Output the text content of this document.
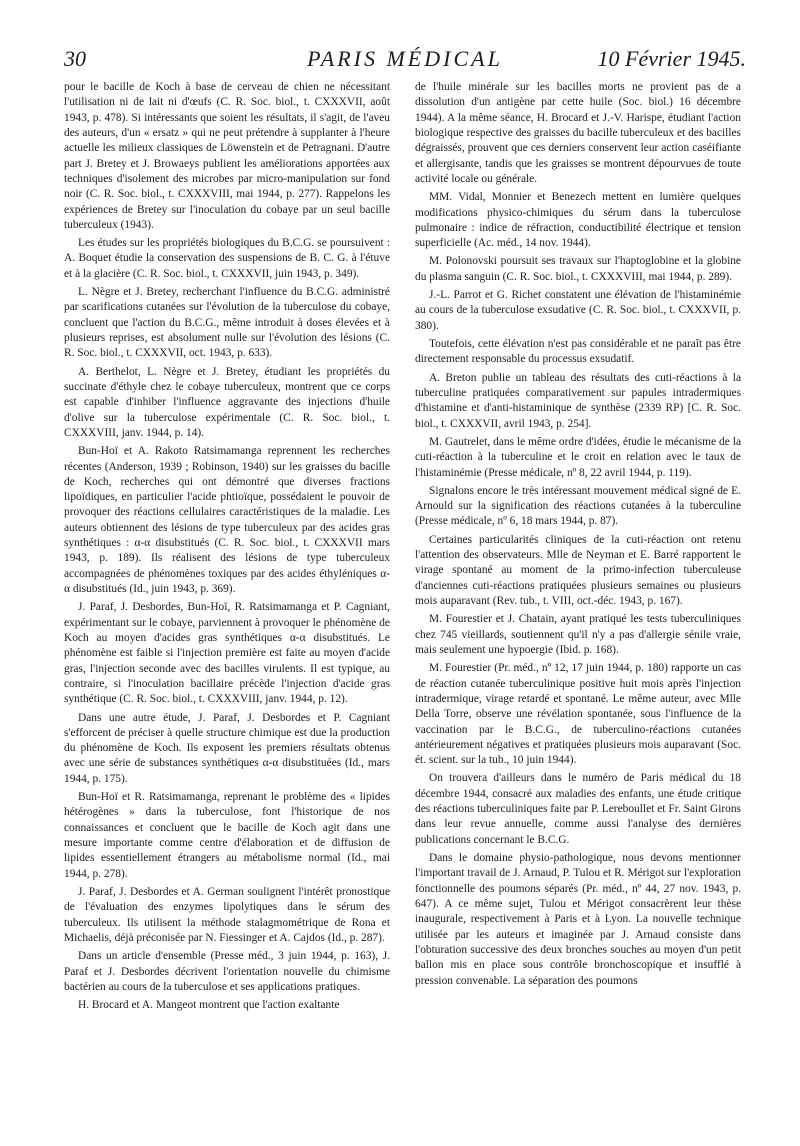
30	PARIS MÉDICAL	10 Février 1945.

pour le bacille de Koch à base de cerveau de chien ne nécessitant l'utilisation ni de lait ni d'œufs (C. R. Soc. biol., t. CXXXVII, août 1943, p. 478). Si intéressants que soient les résultats, il s'agit, de l'aveu des auteurs, d'un « ersatz » qui ne peut prétendre à supplanter à l'heure actuelle les milieux classiques de Löwenstein et de Petragnani. D'autre part J. Bretey et J. Browaeys publient les améliorations apportées aux techniques d'isolement des microbes par micro-manipulation sur fond noir (C. R. Soc. biol., t. CXXXVIII, mai 1944, p. 277). Rappelons les expériences de Bretey sur l'inoculation du cobaye par un seul bacille tuberculeux (1943).

Les études sur les propriétés biologiques du B.C.G. se poursuivent : A. Boquet étudie la conservation des suspensions de B. C. G. à l'étuve et à la glacière (C. R. Soc. biol., t. CXXXVII, juin 1943, p. 349).

L. Nègre et J. Bretey, recherchant l'influence du B.C.G. administré par scarifications cutanées sur l'évolution de la tuberculose du cobaye, concluent que l'action du B.C.G., même introduit à doses élevées et à plusieurs reprises, est absolument nulle sur l'évolution des lésions (C. R. Soc. biol., t. CXXXVII, oct. 1943, p. 633).

A. Berthelot, L. Nègre et J. Bretey, étudiant les propriétés du succinate d'éthyle chez le cobaye tuberculeux, montrent que ce corps est capable d'inhiber l'influence aggravante des injections d'huile d'olive sur la tuberculose expérimentale (C. R. Soc. biol., t. CXXXVIII, janv. 1944, p. 14).

Bun-Hoï et A. Rakoto Ratsimamanga reprennent les recherches récentes (Anderson, 1939 ; Robinson, 1940) sur les graisses du bacille de Koch, recherches qui ont démontré que diverses fractions lipoïdiques, en particulier l'acide phtioïque, possédaient le pouvoir de provoquer des réactions cellulaires caractéristiques de la maladie. Les auteurs obtiennent des lésions de type tuberculeux par des acides gras synthétiques : α-α disubstitués (C. R. Soc. biol., t. CXXXVII mars 1943, p. 189). Ils réalisent des lésions de type tuberculeux accompagnées de phénomènes toxiques par des acides éthyléniques α-α disubstitués (Id., juin 1943, p. 369).

J. Paraf, J. Desbordes, Bun-Hoï, R. Ratsimamanga et P. Cagniant, expérimentant sur le cobaye, parviennent à provoquer le phénomène de Koch au moyen d'acides gras synthétiques α-α disubstitués. Le phénomène est faible si l'injection première est faite au moyen d'acide gras, l'injection seconde avec des bacilles virulents. Il est typique, au contraire, si l'inoculation bacillaire précède l'injection d'acide gras synthétique (C. R. Soc. biol., t. CXXXVIII, janv. 1944, p. 12).

Dans une autre étude, J. Paraf, J. Desbordes et P. Cagniant s'efforcent de préciser à quelle structure chimique est due la production du phénomène de Koch. Ils exposent les premiers résultats obtenus avec une série de substances synthétiques α-α disubstituées (Id., mars 1944, p. 175).

Bun-Hoï et R. Ratsimamanga, reprenant le problème des « lipides hétérogènes » dans la tuberculose, font l'historique de nos connaissances et concluent que le bacille de Koch agit dans une mesure importante comme centre d'élaboration et de diffusion de lipides essentiellement étrangers au métabolisme normal (Id., mai 1944, p. 278).

J. Paraf, J. Desbordes et A. German soulignent l'intérêt pronostique de l'évaluation des enzymes lipolytiques dans le sérum des tuberculeux. Ils utilisent la méthode stalagmométrique de Rona et Michaelis, déjà préconisée par N. Fiessinger et A. Cajdos (Id., p. 287).

Dans un article d'ensemble (Presse méd., 3 juin 1944, p. 163), J. Paraf et J. Desbordes décrivent l'orientation nouvelle du chimisme bactérien au cours de la tuberculose et ses applications pratiques.

H. Brocard et A. Mangeot montrent que l'action exaltante

de l'huile minérale sur les bacilles morts ne provient pas de a dissolution d'un antigène par cette huile (Soc. biol.) 16 décembre 1944). A la même séance, H. Brocard et J.-V. Harispe, étudiant l'action biologique respective des graisses du bacille tuberculeux et des bacilles dégraissés, prouvent que ces derniers conservent leur action caséifiante et allergisante, tandis que les graisses se montrent dépourvues de toute activité locale ou générale.

MM. Vidal, Monnier et Benezech mettent en lumière quelques modifications physico-chimiques du sérum dans la tuberculose pulmonaire : indice de réfraction, conductibilité électrique et tension superficielle (Ac. méd., 14 nov. 1944).

M. Polonovski poursuit ses travaux sur l'haptoglobine et la globine du plasma sanguin (C. R. Soc. biol., t. CXXXVIII, mai 1944, p. 289).

J.-L. Parrot et G. Richet constatent une élévation de l'histaminémie au cours de la tuberculose exsudative (C. R. Soc. biol., t. CXXXVII, p. 380).

Toutefois, cette élévation n'est pas considérable et ne paraît pas être directement responsable du processus exsudatif.

A. Breton publie un tableau des résultats des cuti-réactions à la tuberculine pratiquées comparativement sur papules intradermiques d'histamine et d'anti-histaminique de synthèse (2339 RP) [C. R. Soc. biol., t. CXXXVII, avril 1943, p. 254].

M. Gautrelet, dans le même ordre d'idées, étudie le mécanisme de la cuti-réaction à la tuberculine et le croit en relation avec le taux de l'histaminémie (Presse médicale, nº 8, 22 avril 1944, p. 119).

Signalons encore le très intéressant mouvement médical signé de E. Arnould sur la signification des réactions cutanées à la tuberculine (Presse médicale, nº 6, 18 mars 1944, p. 87).

Certaines particularités cliniques de la cuti-réaction ont retenu l'attention des observateurs. Mlle de Neyman et E. Barré rapportent le virage spontané au moment de la primo-infection tuberculeuse d'anciennes cuti-réactions pratiquées plusieurs semaines ou plusieurs mois auparavant (Rev. tub., t. VIII, oct.-déc. 1943, p. 167).

M. Fourestier et J. Chatain, ayant pratiqué les tests tuberculiniques chez 745 vieillards, soutiennent qu'il n'y a pas d'allergie sénile vraie, mais seulement une hypoergie (Ibid. p. 168).

M. Fourestier (Pr. méd., nº 12, 17 juin 1944, p. 180) rapporte un cas de réaction cutanée tuberculinique positive huit mois après l'injection intradermique, virage retardé et spontané. Le même auteur, avec Mlle Della Torre, observe une révélation spontanée, sous l'influence de la vaccination par le B.C.G., de tuberculino-réactions cutanées antérieurement négatives et pratiquées plusieurs mois auparavant (Soc. ét. scient. sur la tub., 10 juin 1944).

On trouvera d'ailleurs dans le numéro de Paris médical du 18 décembre 1944, consacré aux maladies des enfants, une étude critique des réactions tuberculiniques faite par P. Lereboullet et Fr. Saint Girons dans leur revue annuelle, comme aussi l'analyse des dernières publications concernant le B.C.G.

Dans le domaine physio-pathologique, nous devons mentionner l'important travail de J. Arnaud, P. Tulou et R. Mérigot sur l'exploration fonctionnelle des poumons séparés (Pr. méd., nº 44, 27 nov. 1943, p. 647). A ce même sujet, Tulou et Mérigot consacrèrent leur thèse inaugurale, respectivement à Paris et à Lyon. La nouvelle technique utilisée par les auteurs et imaginée par J. Arnaud consiste dans l'obturation successive des deux bronches souches au moyen d'un petit ballon mis en place sous contrôle bronchoscopique et insufflé à pression convenable. La séparation des poumons
